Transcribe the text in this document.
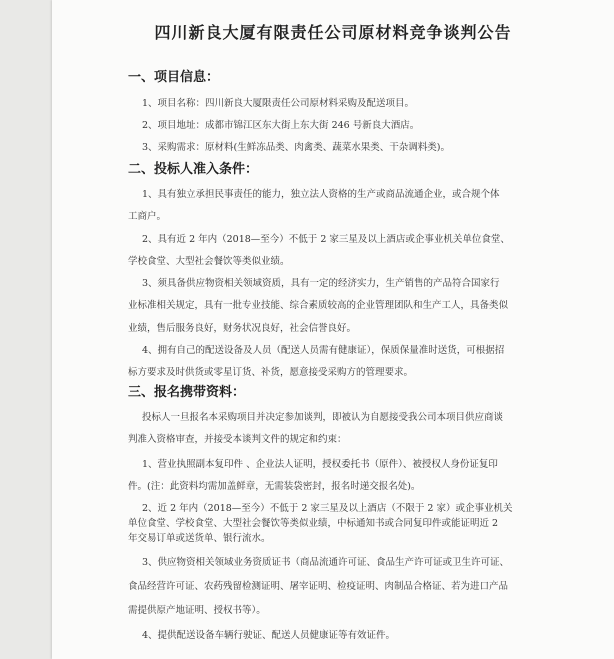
四川新良大厦有限责任公司原材料竞争谈判公告
一、项目信息：
1、项目名称：四川新良大厦限责任公司原材料采购及配送项目。
2、项目地址：成都市锦江区东大街上东大街 246 号新良大酒店。
3、采购需求：原材料(生鲜冻品类、肉禽类、蔬菜水果类、干杂调料类)。
二、投标人准入条件：
1、具有独立承担民事责任的能力，独立法人资格的生产或商品流通企业，或合规个体
工商户。
2、具有近 2 年内（2018—至今）不低于 2 家三星及以上酒店或企事业机关单位食堂、
学校食堂、大型社会餐饮等类似业绩。
3、须具备供应物资相关领域资质，具有一定的经济实力，生产销售的产品符合国家行
业标准相关规定，具有一批专业技能、综合素质较高的企业管理团队和生产工人，具备类似
业绩，售后服务良好，财务状况良好，社会信誉良好。
4、拥有自己的配送设备及人员（配送人员需有健康证），保质保量准时送货，可根据招
标方要求及时供货或零星订货、补货，愿意接受采购方的管理要求。
三、报名携带资料：
投标人一旦报名本采购项目并决定参加谈判，即被认为自愿接受我公司本项目供应商谈
判准入资格审查，并接受本谈判文件的规定和约束：
1、营业执照副本复印件 、企业法人证明，授权委托书（原件）、被授权人身份证复印
件。(注：此资料均需加盖鲜章，无需装袋密封，报名时递交报名处)。
2、近 2 年内（2018—至今）不低于 2 家三星及以上酒店（不限于 2 家）或企事业机关
单位食堂、学校食堂、大型社会餐饮等类似业绩，中标通知书或合同复印件或能证明近 2
年交易订单或送货单、银行流水。
3、供应物资相关领域业务资质证书（商品流通许可证、食品生产许可证或卫生许可证、
食品经营许可证、农药残留检测证明、屠宰证明、检疫证明、肉制品合格证、若为进口产品
需提供原产地证明、授权书等）。
4、提供配送设备车辆行驶证、配送人员健康证等有效证件。
